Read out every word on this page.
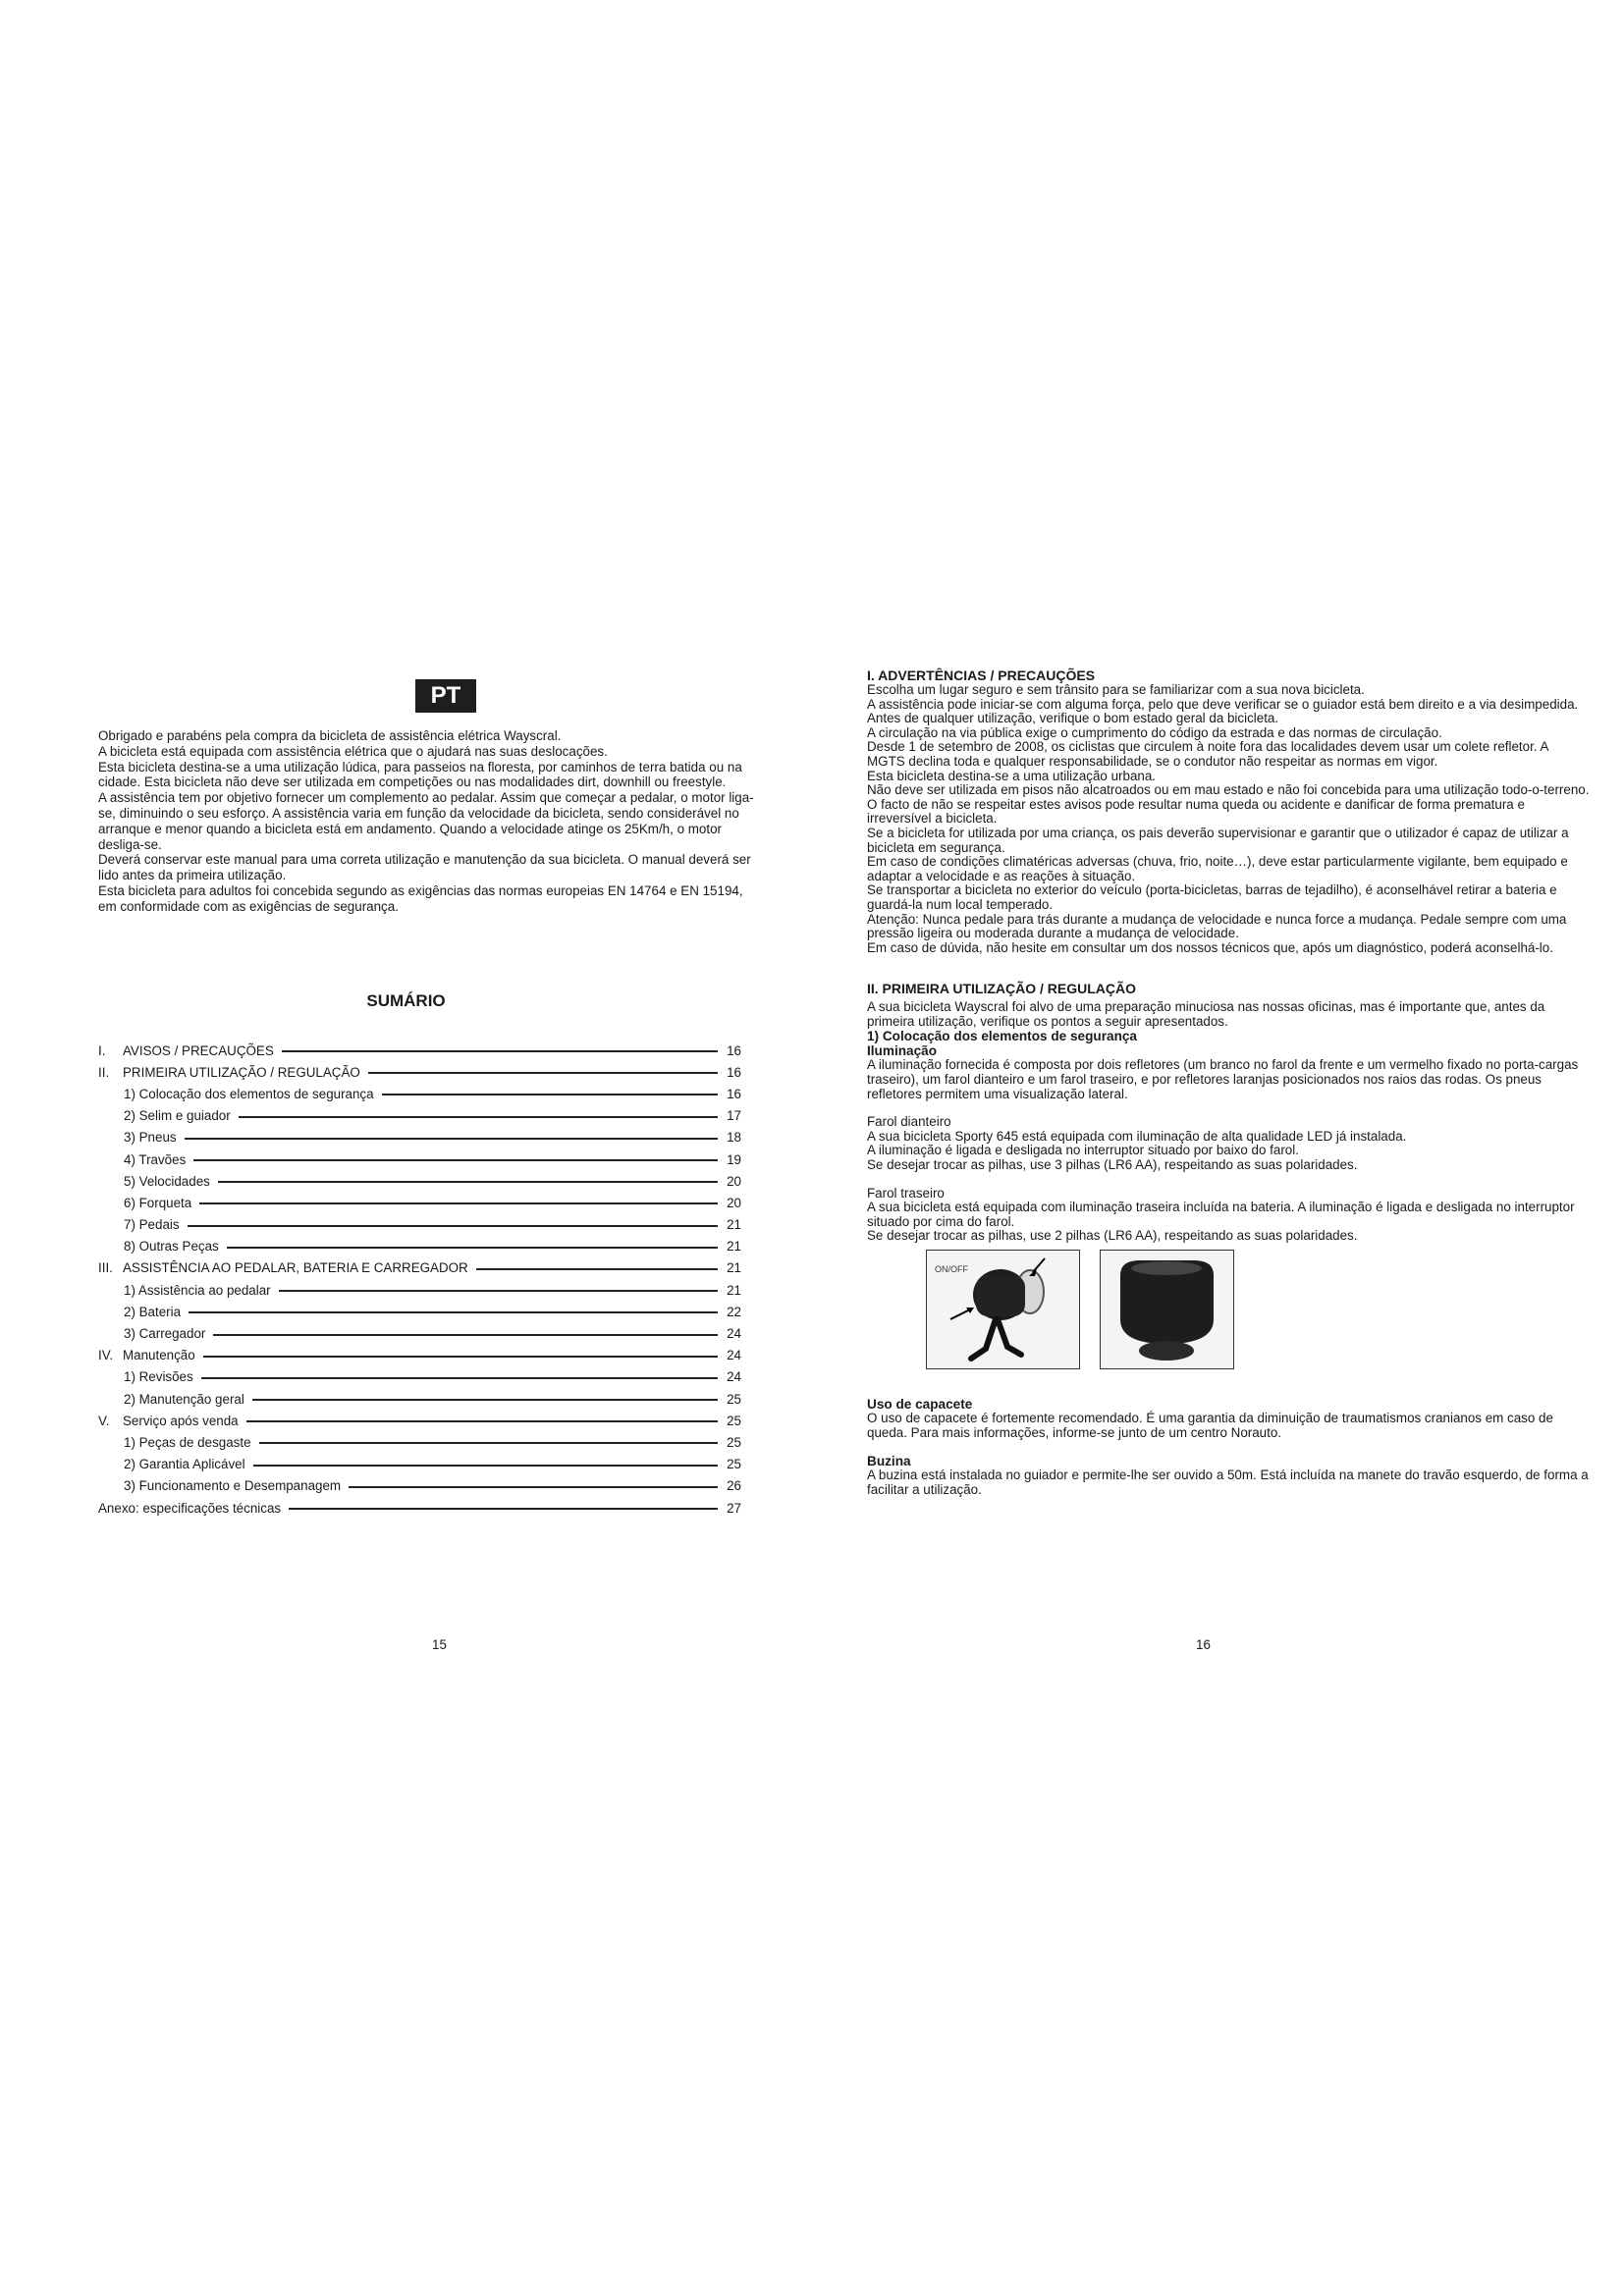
PT

Obrigado e parabéns pela compra da bicicleta de assistência elétrica Wayscral.

A bicicleta está equipada com assistência elétrica que o ajudará nas suas deslocações.

Esta bicicleta destina-se a uma utilização lúdica, para passeios na floresta, por caminhos de terra batida ou na cidade. Esta bicicleta não deve ser utilizada em competições ou nas modalidades dirt, downhill ou freestyle.

A assistência tem por objetivo fornecer um complemento ao pedalar. Assim que começar a pedalar, o motor liga-se, diminuindo o seu esforço. A assistência varia em função da velocidade da bicicleta, sendo considerável no arranque e menor quando a bicicleta está em andamento. Quando a velocidade atinge os 25Km/h, o motor desliga-se.

Deverá conservar este manual para uma correta utilização e manutenção da sua bicicleta. O manual deverá ser lido antes da primeira utilização.

Esta bicicleta para adultos foi concebida segundo as exigências das normas europeias EN 14764 e EN 15194, em conformidade com as exigências de segurança.

SUMÁRIO
I.	AVISOS / PRECAUÇÕES	16
II.	PRIMEIRA UTILIZAÇÃO / REGULAÇÃO	16
1) Colocação dos elementos de segurança	16
2) Selim e guiador	17
3) Pneus	18
4) Travões	19
5) Velocidades	20
6) Forqueta	20
7) Pedais	21
8) Outras Peças	21
III. ASSISTÊNCIA AO PEDALAR, BATERIA E CARREGADOR	21
1) Assistência ao pedalar	21
2) Bateria	22
3) Carregador	24
IV. Manutenção	24
1) Revisões	24
2) Manutenção geral	25
V.	Serviço após venda	25
1) Peças de desgaste	25
2) Garantia Aplicável	25
3) Funcionamento e Desempanagem	26
Anexo: especificações técnicas	27
15
I. ADVERTÊNCIAS / PRECAUÇÕES

Escolha um lugar seguro e sem trânsito para se familiarizar com a sua nova bicicleta.

A assistência pode iniciar-se com alguma força, pelo que deve verificar se o guiador está bem direito e a via desimpedida.

Antes de qualquer utilização, verifique o bom estado geral da bicicleta.

A circulação na via pública exige o cumprimento do código da estrada e das normas de circulação.

Desde 1 de setembro de 2008, os ciclistas que circulem à noite fora das localidades devem usar um colete refletor. A MGTS declina toda e qualquer responsabilidade, se o condutor não respeitar as normas em vigor.

Esta bicicleta destina-se a uma utilização urbana.

Não deve ser utilizada em pisos não alcatroados ou em mau estado e não foi concebida para uma utilização todo-o-terreno. O facto de não se respeitar estes avisos pode resultar numa queda ou acidente e danificar de forma prematura e irreversível a bicicleta.

Se a bicicleta for utilizada por uma criança, os pais deverão supervisionar e garantir que o utilizador é capaz de utilizar a bicicleta em segurança.

Em caso de condições climatéricas adversas (chuva, frio, noite…), deve estar particularmente vigilante, bem equipado e adaptar a velocidade e as reações à situação.

Se transportar a bicicleta no exterior do veículo (porta-bicicletas, barras de tejadilho), é aconselhável retirar a bateria e guardá-la num local temperado.

Atenção: Nunca pedale para trás durante a mudança de velocidade e nunca force a mudança. Pedale sempre com uma pressão ligeira ou moderada durante a mudança de velocidade.

Em caso de dúvida, não hesite em consultar um dos nossos técnicos que, após um diagnóstico, poderá aconselhá-lo.

II. PRIMEIRA UTILIZAÇÃO / REGULAÇÃO

A sua bicicleta Wayscral foi alvo de uma preparação minuciosa nas nossas oficinas, mas é importante que, antes da primeira utilização, verifique os pontos a seguir apresentados.

1) Colocação dos elementos de segurança
Iluminação

A iluminação fornecida é composta por dois refletores (um branco no farol da frente e um vermelho fixado no porta-cargas traseiro), um farol dianteiro e um farol traseiro, e por refletores laranjas posicionados nos raios das rodas. Os pneus refletores permitem uma visualização lateral.

Farol dianteiro

A sua bicicleta Sporty 645 está equipada com iluminação de alta qualidade LED já instalada.

A iluminação é ligada e desligada no interruptor situado por baixo do farol.

Se desejar trocar as pilhas, use 3 pilhas (LR6 AA), respeitando as suas polaridades.

Farol traseiro

A sua bicicleta está equipada com iluminação traseira incluída na bateria. A iluminação é ligada e desligada no interruptor situado por cima do farol.

Se desejar trocar as pilhas, use 2 pilhas (LR6 AA), respeitando as suas polaridades.

ON/OFF
Uso de capacete

O uso de capacete é fortemente recomendado. É uma garantia da diminuição de traumatismos cranianos em caso de queda. Para mais informações, informe-se junto de um centro Norauto.

Buzina

A buzina está instalada no guiador e permite-lhe ser ouvido a 50m. Está incluída na manete do travão esquerdo, de forma a facilitar a utilização.

16
